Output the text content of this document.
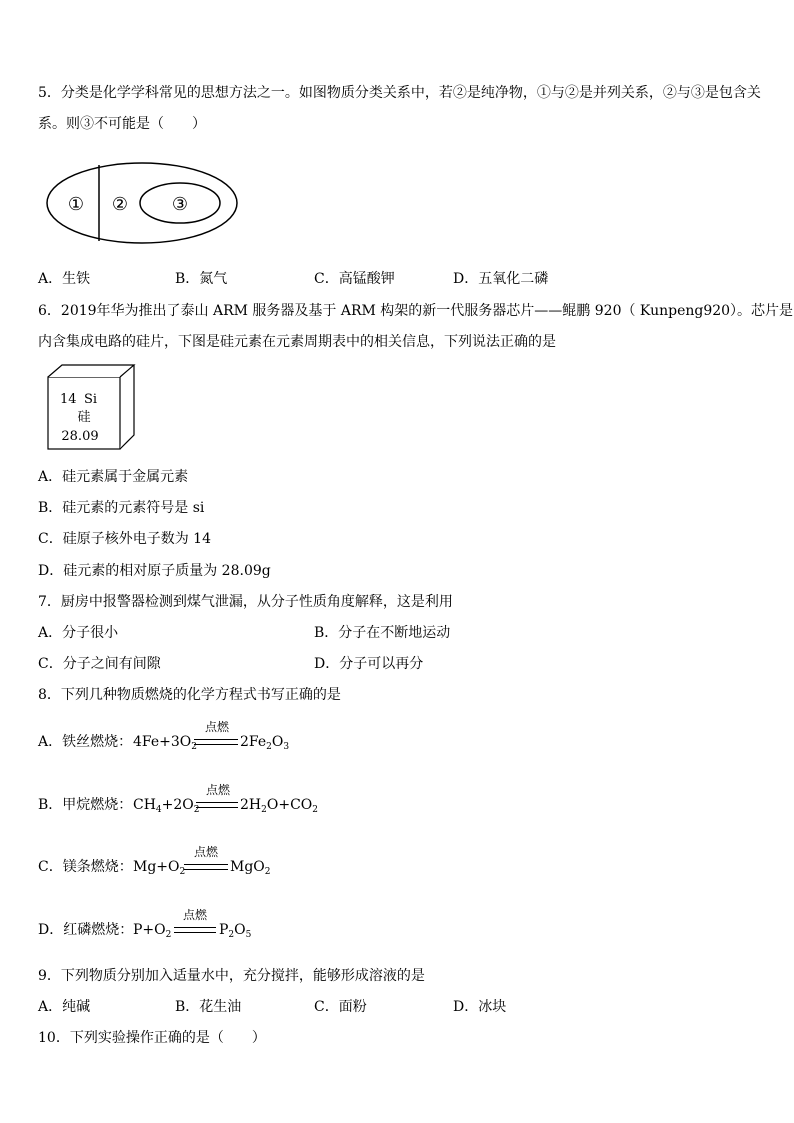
5．分类是化学学科常见的思想方法之一。如图物质分类关系中，若②是纯净物，①与②是并列关系，②与③是包含关
系。则③不可能是（　　）
① ② ③
A．生铁	B．氮气	C．高锰酸钾	D．五氧化二磷
6．2019年华为推出了泰山 ARM 服务器及基于 ARM 构架的新一代服务器芯片——鲲鹏 920（ Kunpeng920）。芯片是
内含集成电路的硅片，下图是硅元素在元素周期表中的相关信息，下列说法正确的是
14 Si
硅
28.09
A．硅元素属于金属元素
B．硅元素的元素符号是 si
C．硅原子核外电子数为 14
D．硅元素的相对原子质量为 28.09g
7．厨房中报警器检测到煤气泄漏，从分子性质角度解释，这是利用
A．分子很小	B．分子在不断地运动
C．分子之间有间隙	D．分子可以再分
8．下列几种物质燃烧的化学方程式书写正确的是
A．铁丝燃烧： $4Fe+3O_2$
点燃
$2Fe_2O_3$
B．甲烷燃烧： $CH_4+2O_2$
点燃
$2H_2O+CO_2$
C．镁条燃烧： $Mg+O_2$
点燃
MgO$_2$
D．红磷燃烧： $P+O_2$
点燃
$P_2O_5$
9．下列物质分别加入适量水中，充分搅拌，能够形成溶液的是
A．纯碱	B．花生油	C．面粉	D．冰块
10．下列实验操作正确的是（　　）
